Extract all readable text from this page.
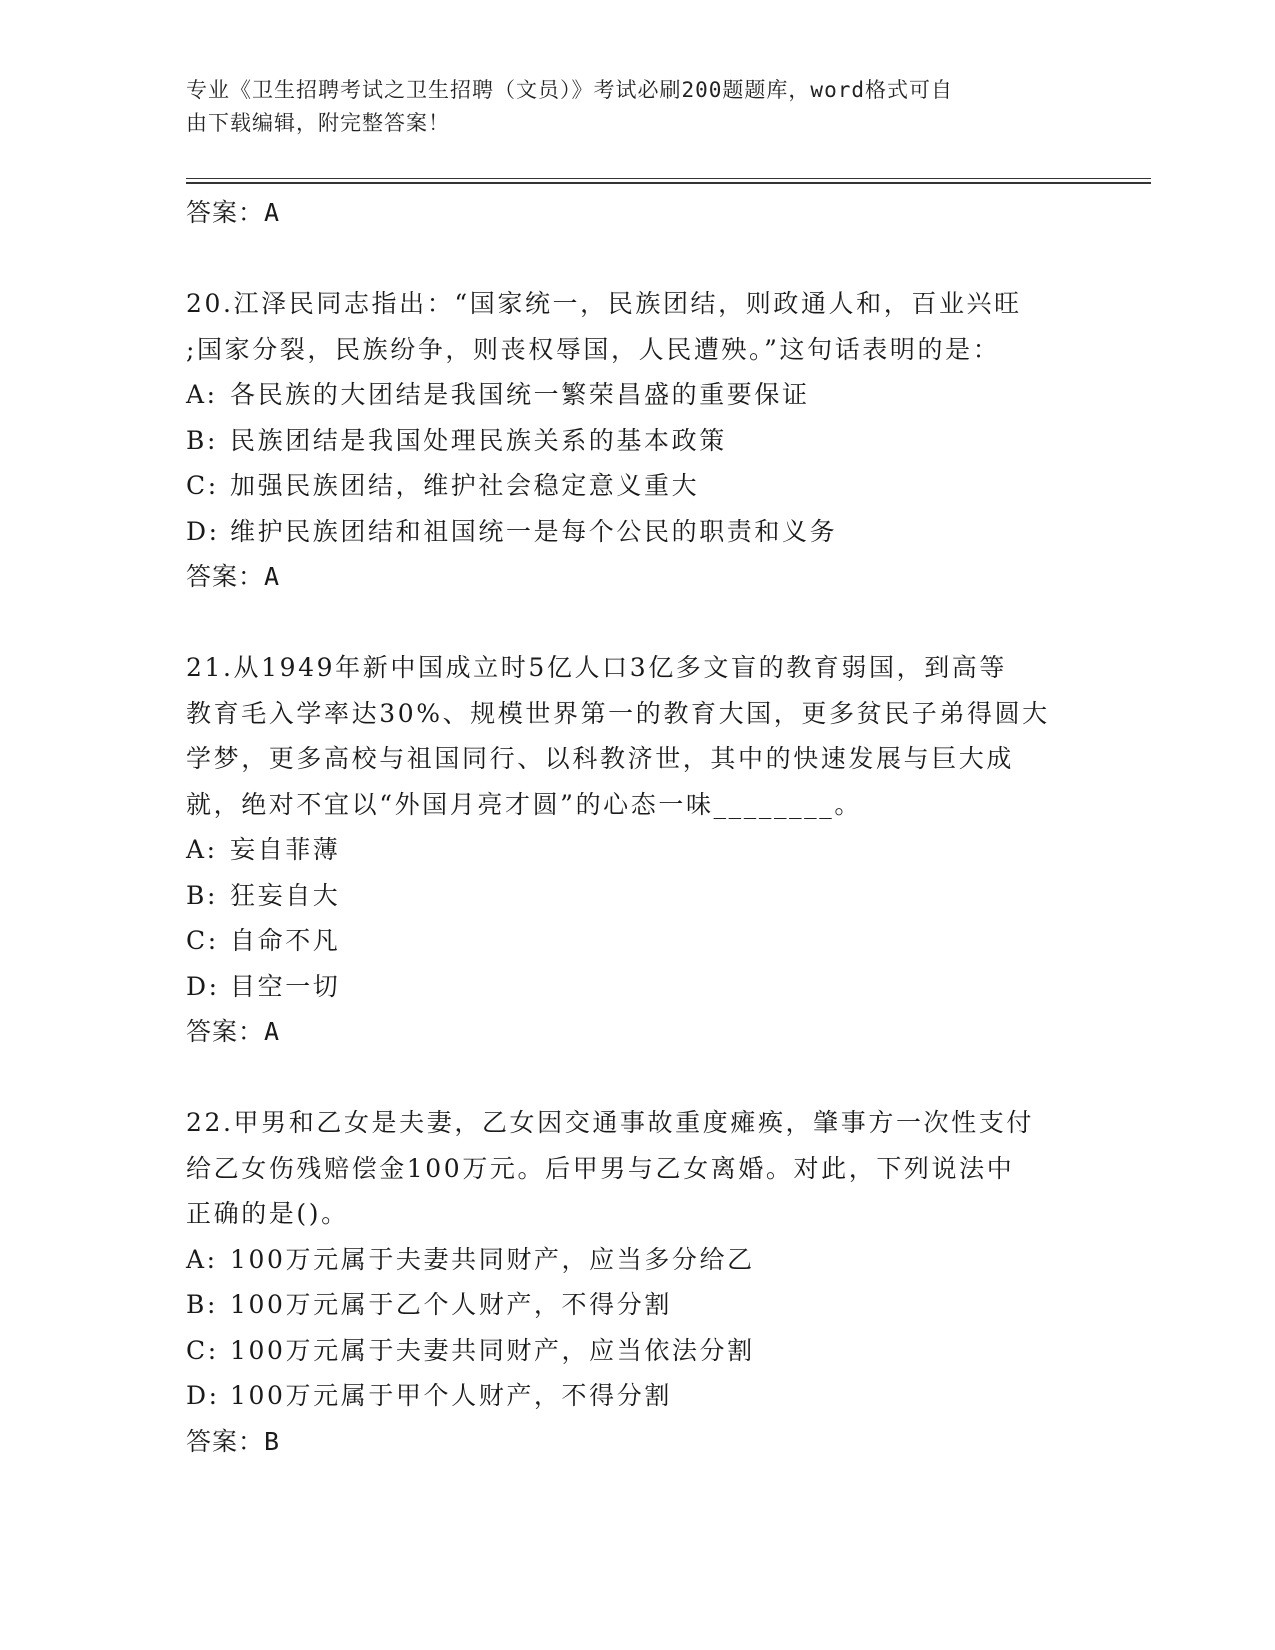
专业《卫生招聘考试之卫生招聘（文员）》考试必刷200题题库，word格式可自
由下载编辑，附完整答案！
答案：A
20.江泽民同志指出：“国家统一，民族团结，则政通人和，百业兴旺
;国家分裂，民族纷争，则丧权辱国，人民遭殃。”这句话表明的是：
A: 各民族的大团结是我国统一繁荣昌盛的重要保证
B: 民族团结是我国处理民族关系的基本政策
C: 加强民族团结，维护社会稳定意义重大
D: 维护民族团结和祖国统一是每个公民的职责和义务
答案：A
21.从1949年新中国成立时5亿人口3亿多文盲的教育弱国，到高等
教育毛入学率达30%、规模世界第一的教育大国，更多贫民子弟得圆大
学梦，更多高校与祖国同行、以科教济世，其中的快速发展与巨大成
就，绝对不宜以“外国月亮才圆”的心态一味________。
A: 妄自菲薄
B: 狂妄自大
C: 自命不凡
D: 目空一切
答案：A
22.甲男和乙女是夫妻，乙女因交通事故重度瘫痪，肇事方一次性支付
给乙女伤残赔偿金100万元。后甲男与乙女离婚。对此，下列说法中
正确的是()。
A: 100万元属于夫妻共同财产，应当多分给乙
B: 100万元属于乙个人财产，不得分割
C: 100万元属于夫妻共同财产，应当依法分割
D: 100万元属于甲个人财产，不得分割
答案：B
